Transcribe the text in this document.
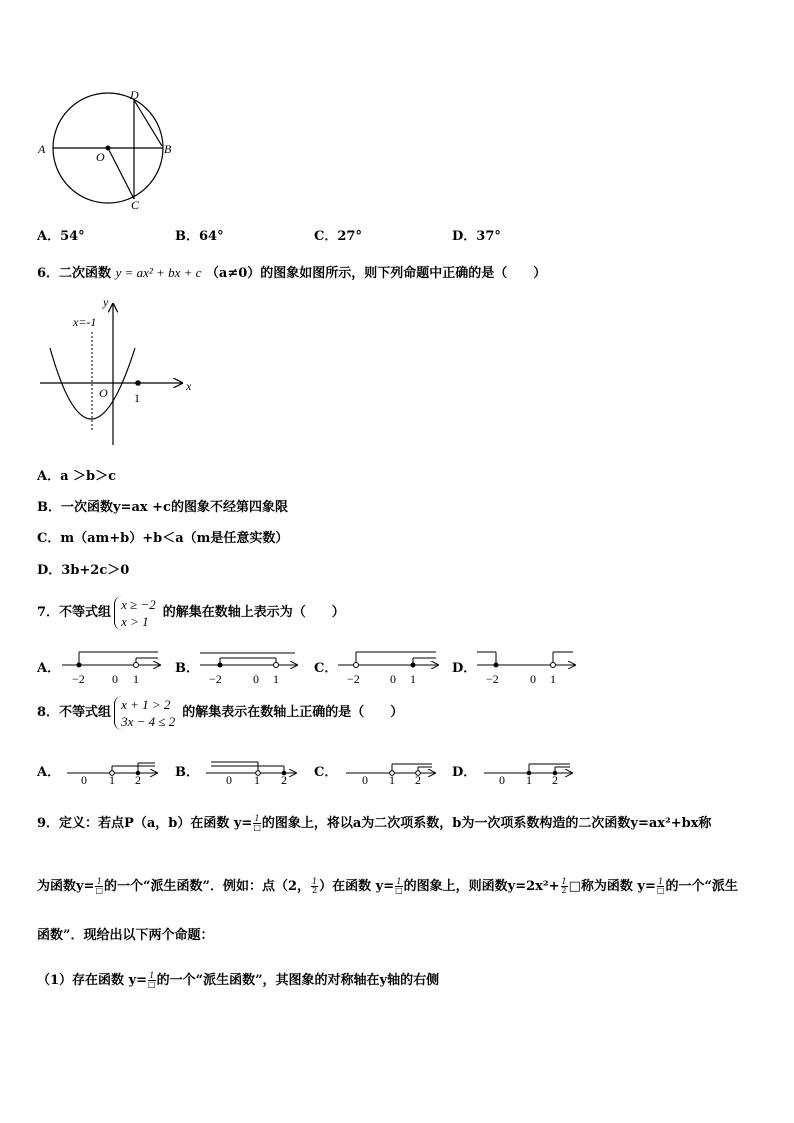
D
A	B
O
C
A．54°	B．64°	C．27°	D．37°
6．二次函数 y = ax² + bx + c （a≠0）的图象如图所示，则下列命题中正确的是（　　）
x
y
O 1
x=-1
A．a ＞b＞c
B．一次函数y=ax +c的图象不经第四象限
C．m（am+b）+b＜a（m是任意实数）
D．3b+2c＞0
7． 不等式组
x ≥ −2
x > 1
的解集在数轴上表示为（　　）
A．	B．	C．	D．
−2 0 1	−2	0 1	−2	0 1	−2	0 1
8． 不等式组
x + 1 > 2
3x − 4 ≤ 2
的解集表示在数轴上正确的是（　　）
A．	B．	C．	D．
0 1 2	0 1 2	0 1 2	0 1 2
9．定义：若点P（a，b）在函数 y= 1
□ 的图象上，将以a为二次项系数，b为一次项系数构造的二次函数y=ax²+bx称
为函数y= 1
□ 的一个“派生函数”．例如：点（2， $\frac{1}{2}$ ）在函数 y= 1
□ 的图象上，则函数$y=2x^2+ \frac{1}{2}$ □称为函数 y= 1
□ 的一个“派生
函数”．现给出以下两个命题：
（1）存在函数 y= 1
□ 的一个“派生函数”，其图象的对称轴在y轴的右侧
